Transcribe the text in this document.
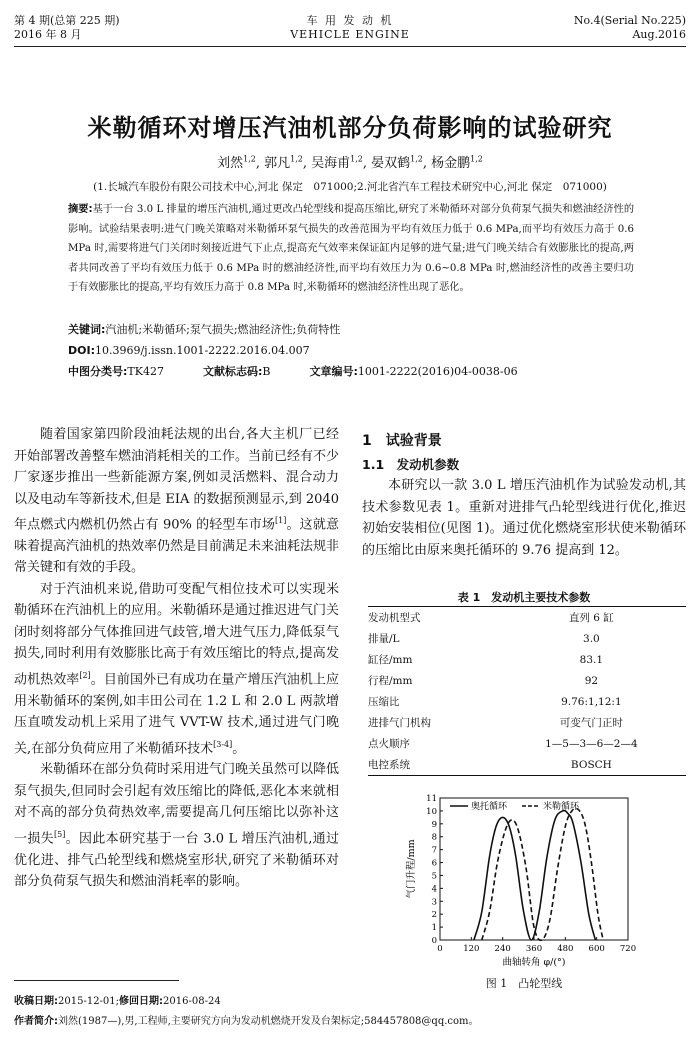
第 4 期(总第 225 期)
2016 年 8 月
车 用 发 动 机
VEHICLE ENGINE
No.4(Serial No.225)
Aug.2016
米勒循环对增压汽油机部分负荷影响的试验研究
刘然$^{1,2}$, 郭凡$^{1,2}$, 吴海甫$^{1,2}$, 晏双鹤$^{1,2}$, 杨金鹏$^{1,2}$
(1.长城汽车股份有限公司技术中心,河北 保定　071000;2.河北省汽车工程技术研究中心,河北 保定　071000)
摘要:基于一台 3.0 L 排量的增压汽油机,通过更改凸轮型线和提高压缩比,研究了米勒循环对部分负荷泵气损失和燃油经济性的影响。试验结果表明:进气门晚关策略对米勒循环泵气损失的改善范围为平均有效压力低于 0.6 MPa,而平均有效压力高于 0.6 MPa 时,需要将进气门关闭时刻接近进气下止点,提高充气效率来保证缸内足够的进气量;进气门晚关结合有效膨胀比的提高,两者共同改善了平均有效压力低于 0.6 MPa 时的燃油经济性,而平均有效压力为 0.6~0.8 MPa 时,燃油经济性的改善主要归功于有效膨胀比的提高,平均有效压力高于 0.8 MPa 时,米勒循环的燃油经济性出现了恶化。
关键词:汽油机;米勒循环;泵气损失;燃油经济性;负荷特性
DOI:10.3969/j.issn.1001-2222.2016.04.007
中图分类号:TK427	文献标志码:B	文章编号:1001-2222(2016)04-0038-06

随着国家第四阶段油耗法规的出台,各大主机厂已经开始部署改善整车燃油消耗相关的工作。当前已经有不少厂家逐步推出一些新能源方案,例如灵活燃料、混合动力以及电动车等新技术,但是 EIA 的数据预测显示,到 2040 年点燃式内燃机仍然占有 90% 的轻型车市场[1]。这就意味着提高汽油机的热效率仍然是目前满足未来油耗法规非常关键和有效的手段。

对于汽油机来说,借助可变配气相位技术可以实现米勒循环在汽油机上的应用。米勒循环是通过推迟进气门关闭时刻将部分气体推回进气歧管,增大进气压力,降低泵气损失,同时利用有效膨胀比高于有效压缩比的特点,提高发动机热效率[2]。目前国外已有成功在量产增压汽油机上应用米勒循环的案例,如丰田公司在 1.2 L 和 2.0 L 两款增压直喷发动机上采用了进气 VVT-W 技术,通过进气门晚关,在部分负荷应用了米勒循环技术[3-4]。

米勒循环在部分负荷时采用进气门晚关虽然可以降低泵气损失,但同时会引起有效压缩比的降低,恶化本来就相对不高的部分负荷热效率,需要提高几何压缩比以弥补这一损失[5]。因此本研究基于一台 3.0 L 增压汽油机,通过优化进、排气凸轮型线和燃烧室形状,研究了米勒循环对部分负荷泵气损失和燃油消耗率的影响。

1　试验背景
1.1　发动机参数

本研究以一款 3.0 L 增压汽油机作为试验发动机,其技术参数见表 1。重新对进排气凸轮型线进行优化,推迟初始安装相位(见图 1)。通过优化燃烧室形状使米勒循环的压缩比由原来奥托循环的 9.76 提高到 12。

表 1　发动机主要技术参数
发动机型式	直列 6 缸
排量/L	3.0
缸径/mm	83.1
行程/mm	92
压缩比	9.76:1,12:1
进排气门机构	可变气门正时
点火顺序	1—5—3—6—2—4
电控系统	BOSCH
0 120 240 360 480 600 720
0
1
2
3
4
5
6
7
8
9
10
11
曲轴转角 φ/(°)
气门升程/mm
奥托循环	米勒循环
图 1　凸轮型线
收稿日期:2015-12-01;修回日期:2016-08-24
作者简介:刘然(1987—),男,工程师,主要研究方向为发动机燃烧开发及台架标定;584457808@qq.com。
